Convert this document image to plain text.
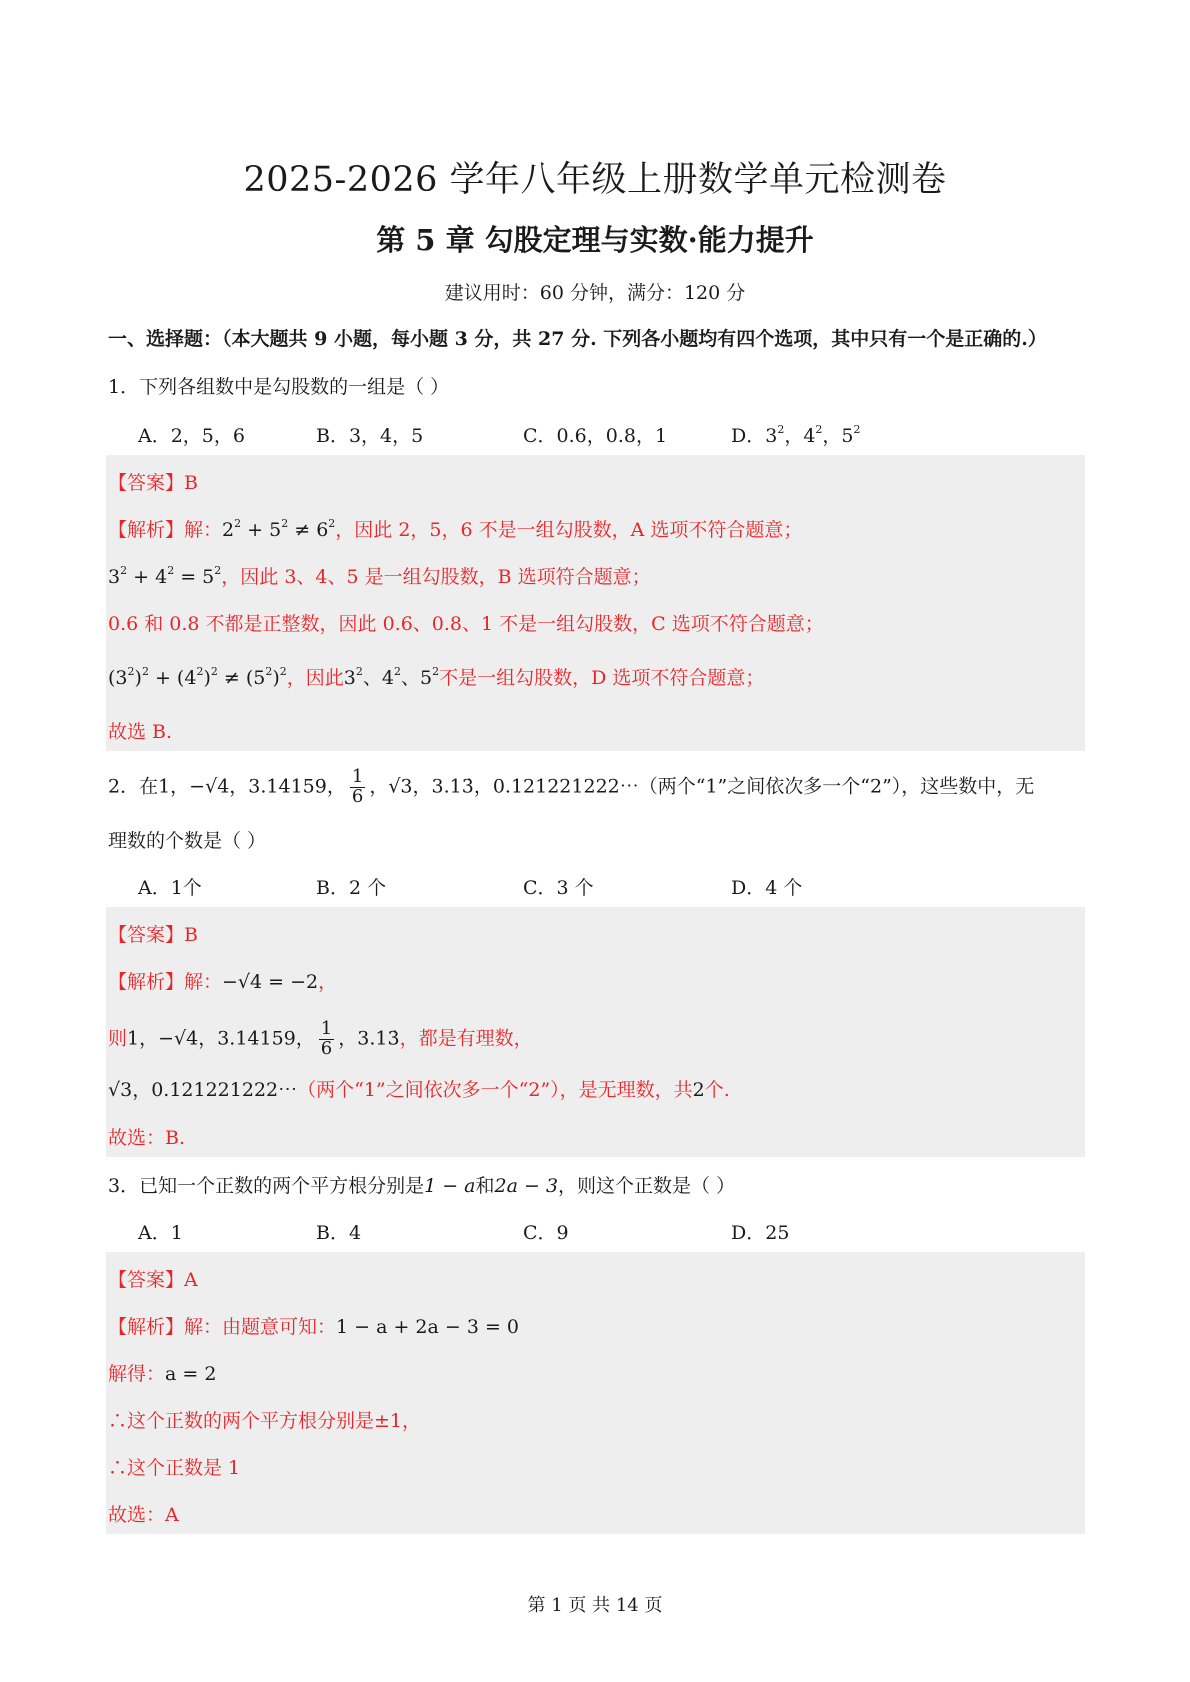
2025-2026 学年八年级上册数学单元检测卷
第 5 章 勾股定理与实数·能力提升
建议用时：60 分钟，满分：120 分
一、选择题：（本大题共 9 小题，每小题 3 分，共 27 分. 下列各小题均有四个选项，其中只有一个是正确的.）
1．下列各组数中是勾股数的一组是（ ）
A．2，5，6	B．3，4，5	C．0.6，0.8，1	D．$3^2$，$4^2$，$5^2$
【答案】B
【解析】解：$2^2 + 5^2 \ne 6^2$，因此 2，5，6 不是一组勾股数，A 选项不符合题意；
$3^2 + 4^2 = 5^2$，因此 3、4、5 是一组勾股数，B 选项符合题意；
0.6 和 0.8 不都是正整数，因此 0.6、0.8、1 不是一组勾股数，C 选项不符合题意；
$(3^2)^2 + (4^2)^2 \ne (5^2)^2$，因此$3^2$、$4^2$、$5^2$不是一组勾股数，D 选项不符合题意；
故选 B.
2．在1，−√4，3.14159， $\frac{1}{6}$ ，√3，3.13̇，0.121221222⋯（两个“1”之间依次多一个“2”），这些数中，无
理数的个数是（ ）
A．1个	B．2 个	C．3 个	D．4 个
【答案】B
【解析】解：−√4 = −2，
则1，−√4，3.14159， $\frac{1}{6}$ ，3.13̇，都是有理数，
√3，0.121221222⋯（两个“1”之间依次多一个“2”），是无理数，共2个.
故选：B.
3．已知一个正数的两个平方根分别是1 − a和2a − 3，则这个正数是（ ）
A．1	B．4	C．9	D．25
【答案】A
【解析】解：由题意可知：1 − a + 2a − 3 = 0
解得：a = 2
∴这个正数的两个平方根分别是±1，
∴这个正数是 1
故选：A
第 1 页 共 14 页
